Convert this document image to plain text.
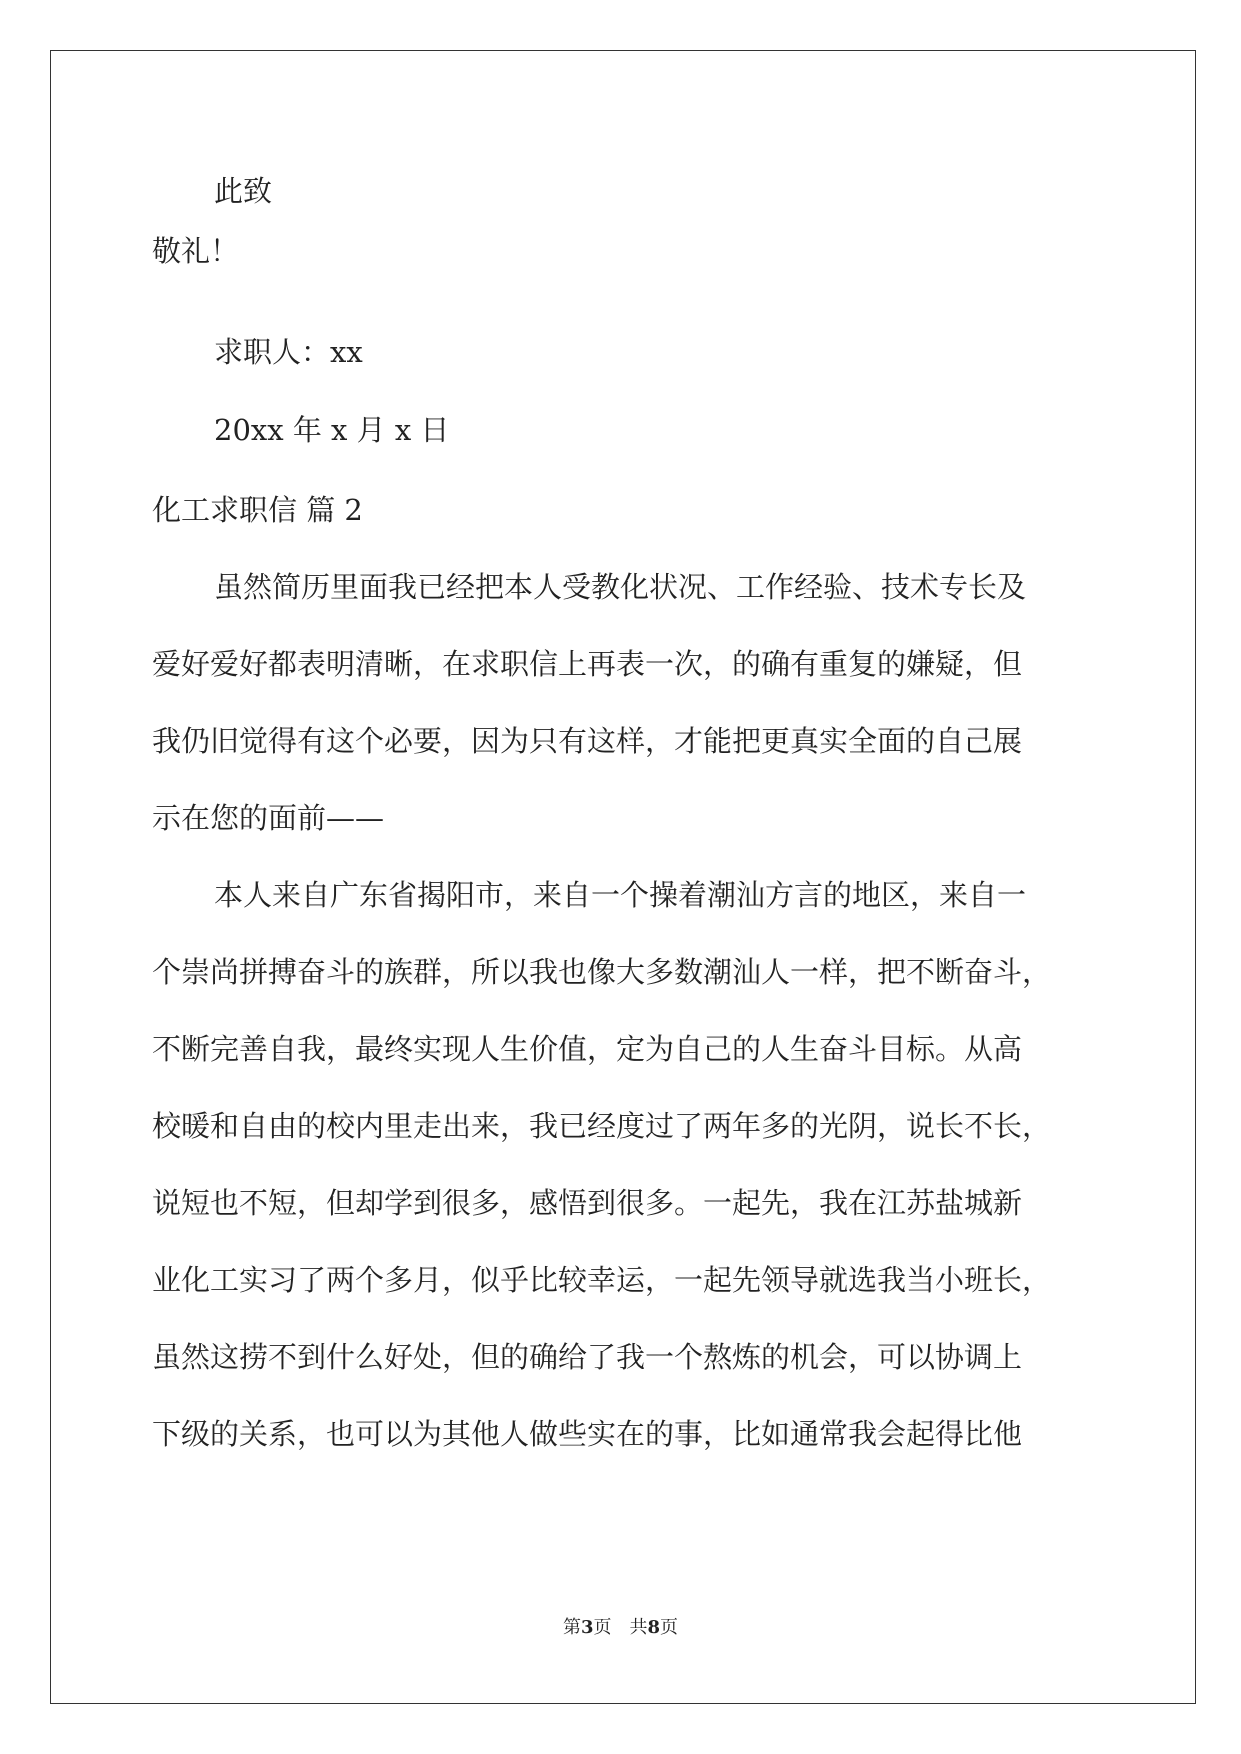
此致
敬礼！
求职人：xx
20xx 年 x 月 x 日
化工求职信 篇 2
虽然简历里面我已经把本人受教化状况、工作经验、技术专长及
爱好爱好都表明清晰，在求职信上再表一次，的确有重复的嫌疑，但
我仍旧觉得有这个必要，因为只有这样，才能把更真实全面的自己展
示在您的面前——
本人来自广东省揭阳市，来自一个操着潮汕方言的地区，来自一
个崇尚拼搏奋斗的族群，所以我也像大多数潮汕人一样，把不断奋斗，
不断完善自我，最终实现人生价值，定为自己的人生奋斗目标。从高
校暖和自由的校内里走出来，我已经度过了两年多的光阴，说长不长，
说短也不短，但却学到很多，感悟到很多。一起先，我在江苏盐城新
业化工实习了两个多月，似乎比较幸运，一起先领导就选我当小班长，
虽然这捞不到什么好处，但的确给了我一个熬炼的机会，可以协调上
下级的关系，也可以为其他人做些实在的事，比如通常我会起得比他
第3页　共8页
